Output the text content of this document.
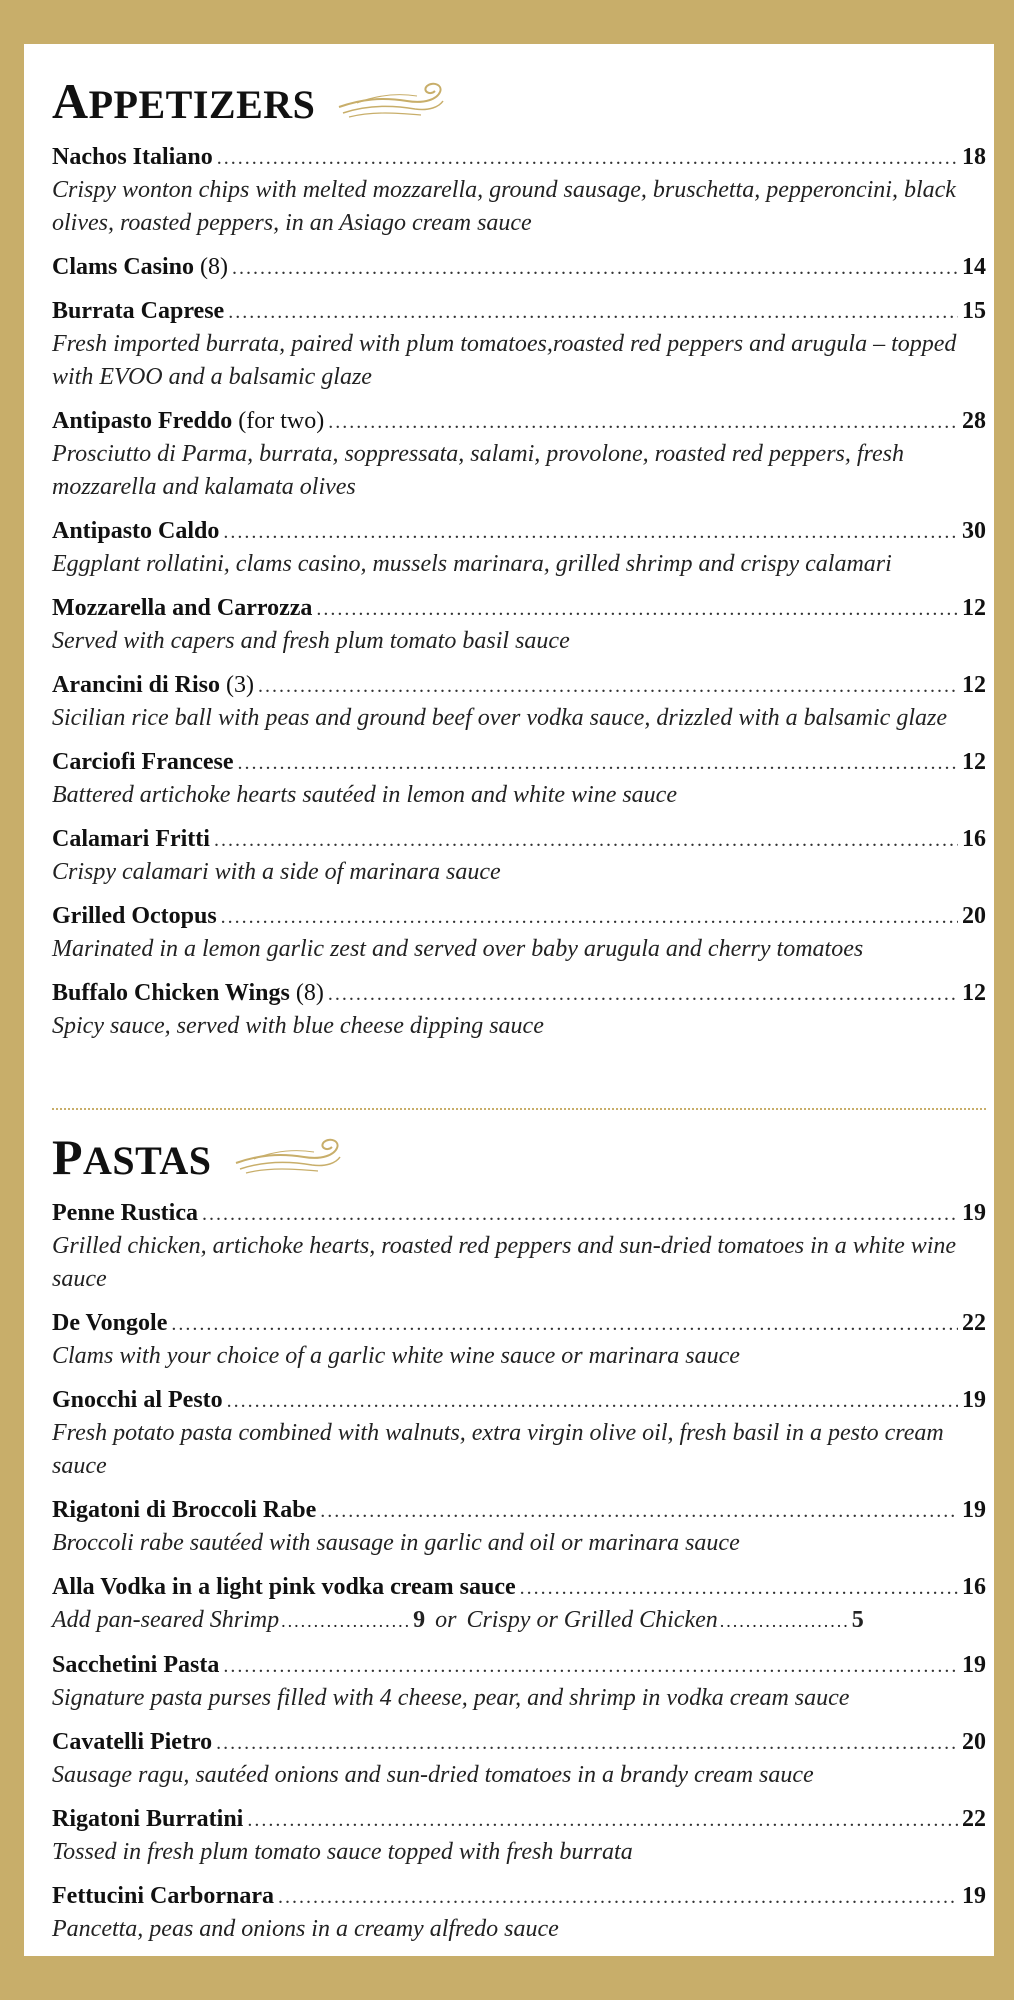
APPETIZERS
Nachos Italiano .....	18
Crispy wonton chips with melted mozzarella, ground sausage, bruschetta, pepperoncini, black olives, roasted peppers, in an Asiago cream sauce
Clams Casino (8) .....	14
Burrata Caprese .....	15
Fresh imported burrata, paired with plum tomatoes,roasted red peppers and arugula – topped with EVOO and a balsamic glaze
Antipasto Freddo (for two) .....	28
Prosciutto di Parma, burrata, soppressata, salami, provolone, roasted red peppers, fresh mozzarella and kalamata olives
Antipasto Caldo .....	30
Eggplant rollatini, clams casino, mussels marinara, grilled shrimp and crispy calamari
Mozzarella and Carrozza .....	12
Served with capers and fresh plum tomato basil sauce
Arancini di Riso (3) .....	12
Sicilian rice ball with peas and ground beef over vodka sauce, drizzled with a balsamic glaze
Carciofi Francese .....	12
Battered artichoke hearts sautéed in lemon and white wine sauce
Calamari Fritti .....	16
Crispy calamari with a side of marinara sauce
Grilled Octopus .....	20
Marinated in a lemon garlic zest and served over baby arugula and cherry tomatoes
Buffalo Chicken Wings (8) .....	12
Spicy sauce, served with blue cheese dipping sauce
PASTAS
Penne Rustica .....	19
Grilled chicken, artichoke hearts, roasted red peppers and sun-dried tomatoes in a white wine sauce
De Vongole .....	22
Clams with your choice of a garlic white wine sauce or marinara sauce
Gnocchi al Pesto .....	19
Fresh potato pasta combined with walnuts, extra virgin olive oil, fresh basil in a pesto cream sauce
Rigatoni di Broccoli Rabe .....	19
Broccoli rabe sautéed with sausage in garlic and oil or marinara sauce
Alla Vodka in a light pink vodka cream sauce .....	16
Add pan-seared Shrimp .....	9 or Crispy or Grilled Chicken .....	5
Sacchetini Pasta .....	19
Signature pasta purses filled with 4 cheese, pear, and shrimp in vodka cream sauce
Cavatelli Pietro .....	20
Sausage ragu, sautéed onions and sun-dried tomatoes in a brandy cream sauce
Rigatoni Burratini .....	22
Tossed in fresh plum tomato sauce topped with fresh burrata
Fettucini Carbornara .....	19
Pancetta, peas and onions in a creamy alfredo sauce
